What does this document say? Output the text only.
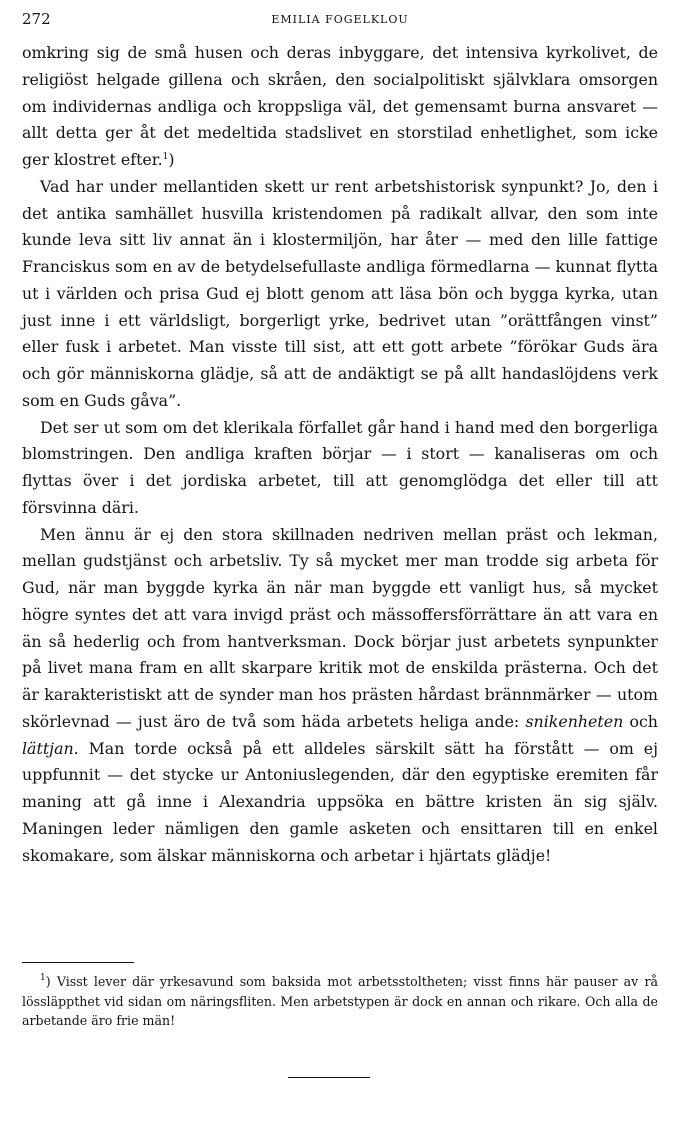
272	EMILIA FOGELKLOU

omkring sig de små husen och deras inbyggare, det intensiva kyrkolivet, de religiöst helgade gillena och skråen, den socialpolitiskt självklara omsorgen om individernas andliga och kroppsliga väl, det gemensamt burna ansvaret — allt detta ger åt det medeltida stadslivet en storstilad enhetlighet, som icke ger klostret efter.$^1$)

Vad har under mellantiden skett ur rent arbetshistorisk synpunkt? Jo, den i det antika samhället husvilla kristendomen på radikalt allvar, den som inte kunde leva sitt liv annat än i klostermiljön, har åter — med den lille fattige Franciskus som en av de betydelsefullaste andliga förmedlarna — kunnat flytta ut i världen och prisa Gud ej blott genom att läsa bön och bygga kyrka, utan just inne i ett världsligt, borgerligt yrke, bedrivet utan ”orättfången vinst” eller fusk i arbetet. Man visste till sist, att ett gott arbete ”förökar Guds ära och gör människorna glädje, så att de andäktigt se på allt handaslöjdens verk som en Guds gåva”.

Det ser ut som om det klerikala förfallet går hand i hand med den borgerliga blomstringen. Den andliga kraften börjar — i stort — kanaliseras om och flyttas över i det jordiska arbetet, till att genomglödga det eller till att försvinna däri.

Men ännu är ej den stora skillnaden nedriven mellan präst och lekman, mellan gudstjänst och arbetsliv. Ty så mycket mer man trodde sig arbeta för Gud, när man byggde kyrka än när man byggde ett vanligt hus, så mycket högre syntes det att vara invigd präst och mässoffersförrättare än att vara en än så hederlig och from hantverksman. Dock börjar just arbetets synpunkter på livet mana fram en allt skarpare kritik mot de enskilda prästerna. Och det är karakteristiskt att de synder man hos prästen hårdast brännmärker — utom skörlevnad — just äro de två som häda arbetets heliga ande: snikenheten och lättjan. Man torde också på ett alldeles särskilt sätt ha förstått — om ej uppfunnit — det stycke ur Antoniuslegenden, där den egyptiske eremiten får maning att gå inne i Alexandria uppsöka en bättre kristen än sig själv. Maningen leder nämligen den gamle asketen och ensittaren till en enkel skomakare, som älskar människorna och arbetar i hjärtats glädje!

$^1$) Visst lever där yrkesavund som baksida mot arbetsstoltheten; visst finns här pauser av rå lössläppthet vid sidan om näringsfliten. Men arbetstypen är dock en annan och rikare. Och alla de arbetande äro frie män!
